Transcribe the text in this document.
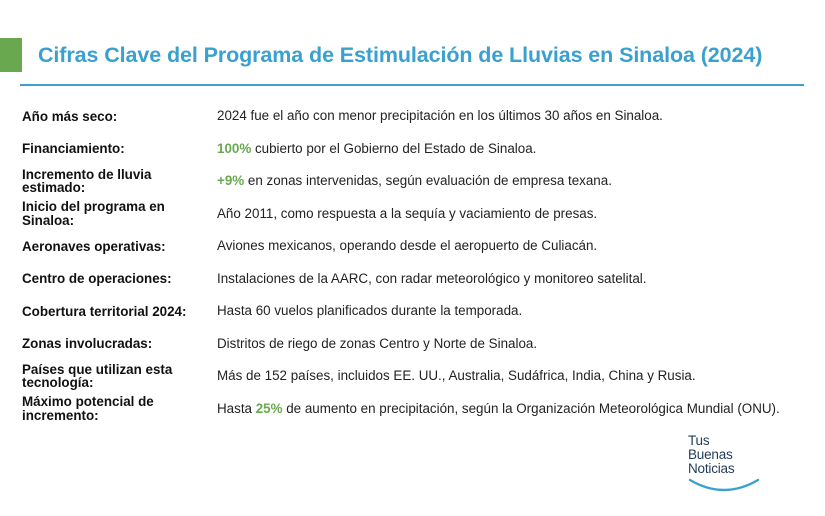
Cifras Clave del Programa de Estimulación de Lluvias en Sinaloa (2024)
Año más seco:	2024 fue el año con menor precipitación en los últimos 30 años en Sinaloa.
Financiamiento:	100% cubierto por el Gobierno del Estado de Sinaloa.
Incremento de lluvia estimado:	+9% en zonas intervenidas, según evaluación de empresa texana.
Inicio del programa en Sinaloa:	Año 2011, como respuesta a la sequía y vaciamiento de presas.
Aeronaves operativas:	Aviones mexicanos, operando desde el aeropuerto de Culiacán.
Centro de operaciones:	Instalaciones de la AARC, con radar meteorológico y monitoreo satelital.
Cobertura territorial 2024:	Hasta 60 vuelos planificados durante la temporada.
Zonas involucradas:	Distritos de riego de zonas Centro y Norte de Sinaloa.
Países que utilizan esta tecnología:	Más de 152 países, incluidos EE. UU., Australia, Sudáfrica, India, China y Rusia.
Máximo potencial de incremento:	Hasta 25% de aumento en precipitación, según la Organización Meteorológica Mundial (ONU).
Tus
Buenas
Noticias
